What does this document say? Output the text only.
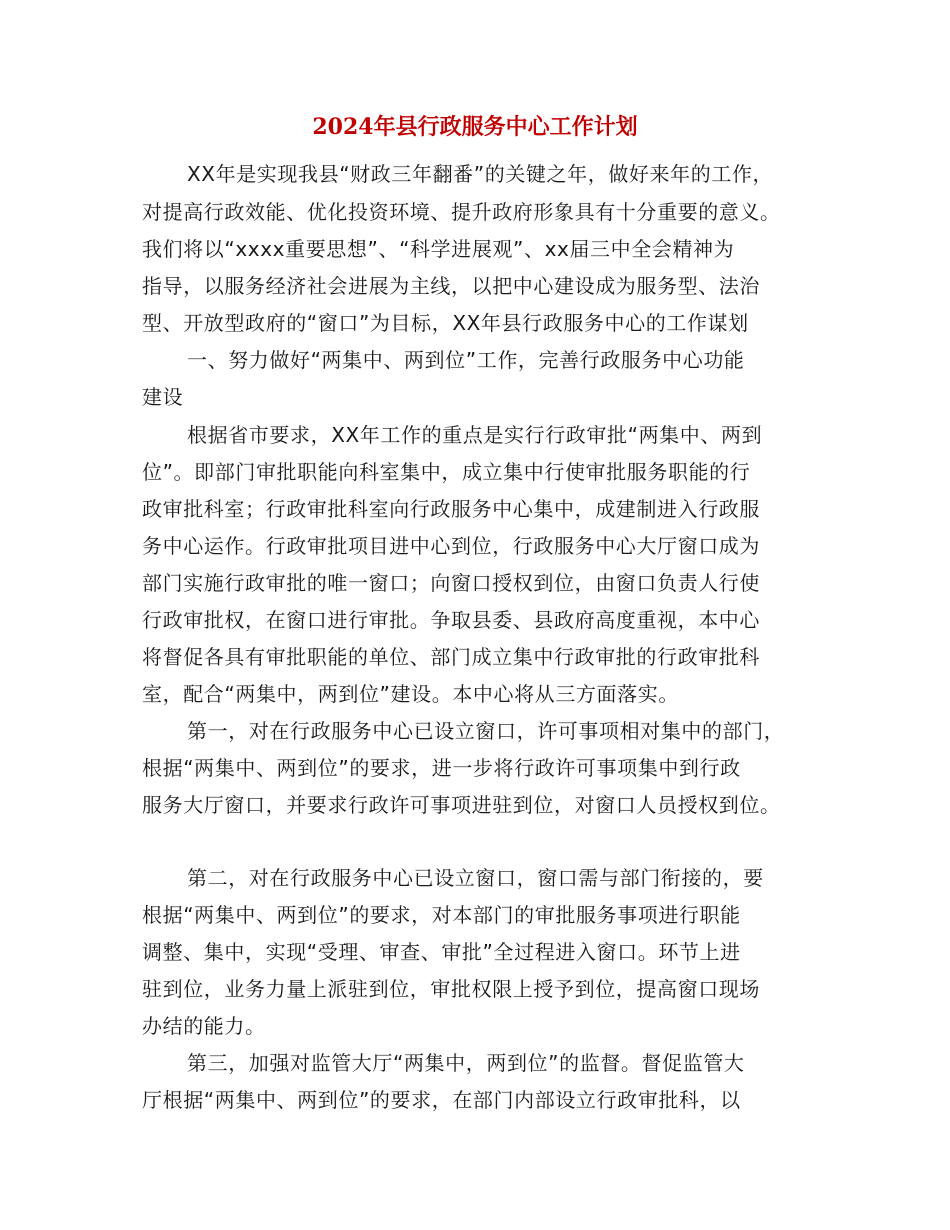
2024年县行政服务中心工作计划
XX年是实现我县“财政三年翻番”的关键之年，做好来年的工作，
对提高行政效能、优化投资环境、提升政府形象具有十分重要的意义。
我们将以“xxxx重要思想”、“科学进展观”、xx届三中全会精神为
指导，以服务经济社会进展为主线，以把中心建设成为服务型、法治
型、开放型政府的“窗口”为目标，XX年县行政服务中心的工作谋划
一、努力做好“两集中、两到位”工作，完善行政服务中心功能
建设
根据省市要求，XX年工作的重点是实行行政审批“两集中、两到
位”。即部门审批职能向科室集中，成立集中行使审批服务职能的行
政审批科室；行政审批科室向行政服务中心集中，成建制进入行政服
务中心运作。行政审批项目进中心到位，行政服务中心大厅窗口成为
部门实施行政审批的唯一窗口；向窗口授权到位，由窗口负责人行使
行政审批权，在窗口进行审批。争取县委、县政府高度重视，本中心
将督促各具有审批职能的单位、部门成立集中行政审批的行政审批科
室，配合“两集中，两到位”建设。本中心将从三方面落实。
第一，对在行政服务中心已设立窗口，许可事项相对集中的部门，
根据“两集中、两到位”的要求，进一步将行政许可事项集中到行政
服务大厅窗口，并要求行政许可事项进驻到位，对窗口人员授权到位。
第二，对在行政服务中心已设立窗口，窗口需与部门衔接的，要
根据“两集中、两到位”的要求，对本部门的审批服务事项进行职能
调整、集中，实现“受理、审查、审批”全过程进入窗口。环节上进
驻到位，业务力量上派驻到位，审批权限上授予到位，提高窗口现场
办结的能力。
第三，加强对监管大厅“两集中，两到位”的监督。督促监管大
厅根据“两集中、两到位”的要求，在部门内部设立行政审批科，以
